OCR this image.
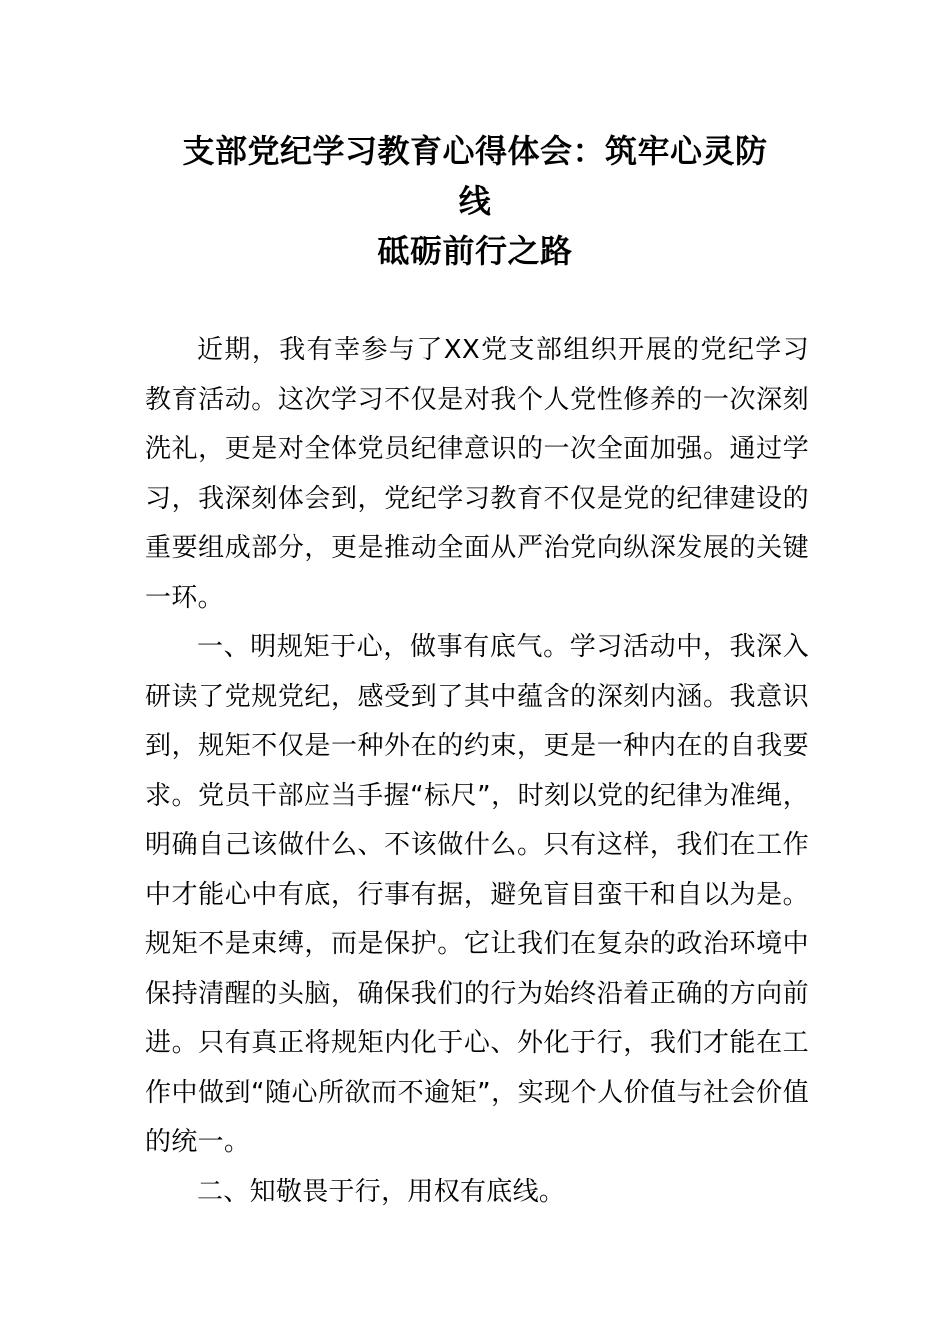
支部党纪学习教育心得体会：筑牢心灵防
线
砥砺前行之路

近期，我有幸参与了XX党支部组织开展的党纪学习教育活动。这次学习不仅是对我个人党性修养的一次深刻洗礼，更是对全体党员纪律意识的一次全面加强。通过学习，我深刻体会到，党纪学习教育不仅是党的纪律建设的重要组成部分，更是推动全面从严治党向纵深发展的关键一环。

一、明规矩于心，做事有底气。学习活动中，我深入研读了党规党纪，感受到了其中蕴含的深刻内涵。我意识到，规矩不仅是一种外在的约束，更是一种内在的自我要求。党员干部应当手握“标尺”，时刻以党的纪律为准绳，明确自己该做什么、不该做什么。只有这样，我们在工作中才能心中有底，行事有据，避免盲目蛮干和自以为是。规矩不是束缚，而是保护。它让我们在复杂的政治环境中保持清醒的头脑，确保我们的行为始终沿着正确的方向前进。只有真正将规矩内化于心、外化于行，我们才能在工作中做到“随心所欲而不逾矩”，实现个人价值与社会价值的统一。

二、知敬畏于行，用权有底线。
